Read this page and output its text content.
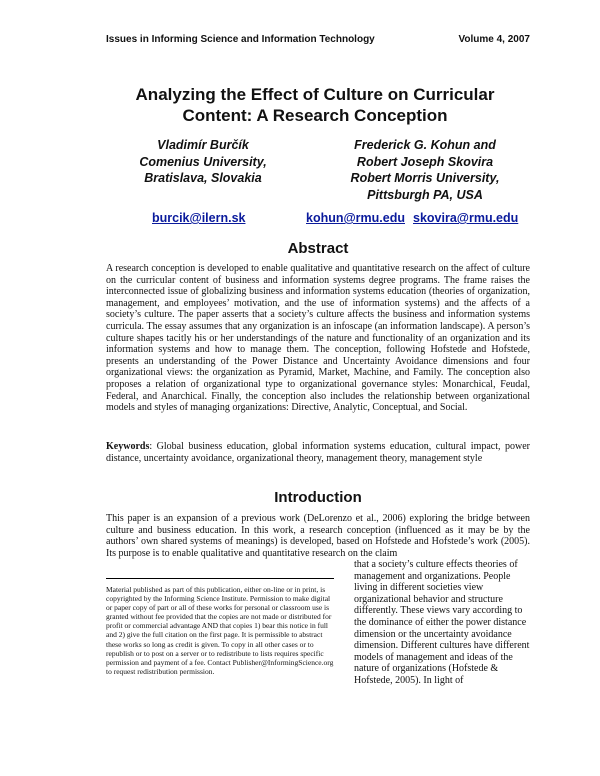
Issues in Informing Science and Information Technology	Volume 4, 2007
Analyzing the Effect of Culture on Curricular
Content: A Research Conception
Vladimír Burčík
Comenius University,
Bratislava, Slovakia
Frederick G. Kohun and
Robert Joseph Skovira
Robert Morris University,
Pittsburgh PA, USA
burcik@ilern.sk	kohun@rmu.edu skovira@rmu.edu
Abstract
A research conception is developed to enable qualitative and quantitative research on the affect of culture on the curricular content of business and information systems degree programs. The frame raises the interconnected issue of globalizing business and information systems education (theories of organization, management, and employees’ motivation, and the use of information systems) and the affects of a society’s culture. The paper asserts that a society’s culture affects the business and information systems curricula. The essay assumes that any organization is an infoscape (an information landscape). A person’s culture shapes tacitly his or her understandings of the nature and functionality of an organization and its information systems and how to manage them. The conception, following Hofstede and Hofstede, presents an understanding of the Power Distance and Uncertainty Avoidance dimensions and four organizational views: the organization as Pyramid, Market, Machine, and Family. The conception also proposes a relation of organizational type to organizational governance styles: Monarchical, Feudal, Federal, and Anarchical. Finally, the conception also includes the relationship between organizational models and styles of managing organizations: Directive, Analytic, Conceptual, and Social.
Keywords: Global business education, global information systems education, cultural impact, power distance, uncertainty avoidance, organizational theory, management theory, management style
Introduction
This paper is an expansion of a previous work (DeLorenzo et al., 2006) exploring the bridge between culture and business education. In this work, a research conception (influenced as it may be by the authors’ own shared systems of meanings) is developed, based on Hofstede and Hofstede’s work (2005). Its purpose is to enable qualitative and quantitative research on the claim
Material published as part of this publication, either on-line or in print, is copyrighted by the Informing Science Institute. Permission to make digital or paper copy of part or all of these works for personal or classroom use is granted without fee provided that the copies are not made or distributed for profit or commercial advantage AND that copies 1) bear this notice in full and 2) give the full citation on the first page. It is permissible to abstract these works so long as credit is given. To copy in all other cases or to republish or to post on a server or to redistribute to lists requires specific permission and payment of a fee. Contact Publisher@InformingScience.org to request redistribution permission.
that a society’s culture effects theories of management and organizations. People living in different societies view organizational behavior and structure differently. These views vary according to the dominance of either the power distance dimension or the uncertainty avoidance dimension. Different cultures have different models of management and ideas of the nature of organizations (Hofstede & Hofstede, 2005). In light of
